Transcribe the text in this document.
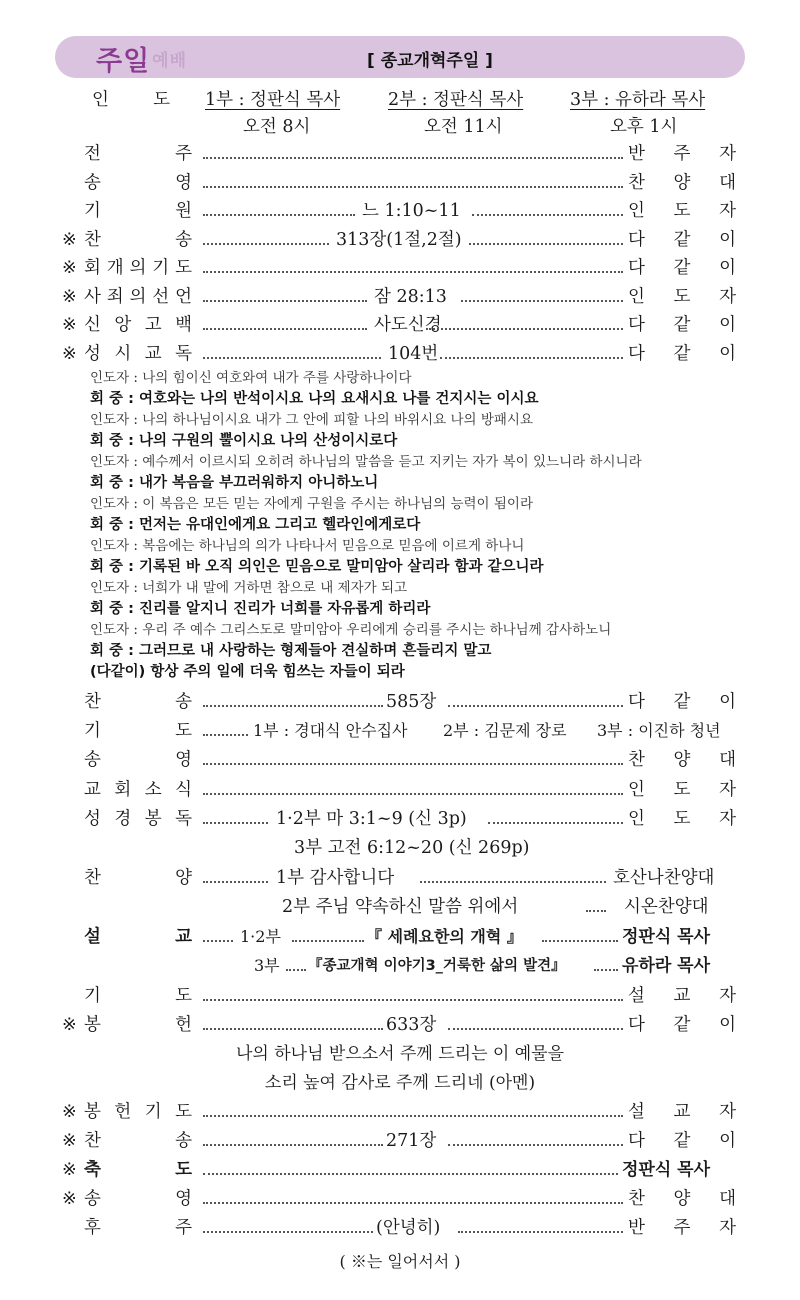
주일 예배	[ 종교개혁주일 ]
인	도 1부 : 정판식 목사	2부 : 정판식 목사	3부 : 유하라 목사
오전 8시	오전 11시	오후 1시
전	주	반 주 자
송	영	찬 양 대
기	원	느 1:10~11	인 도 자
※ 찬	송	313장(1절,2절)	다 같 이
※ 회 개 의 기 도	다 같 이
※ 사 죄 의 선 언	잠 28:13	인 도 자
※ 신 앙 고 백	사도신경	다 같 이
※ 성 시 교 독	104번	다 같 이
인도자 : 나의 힘이신 여호와여 내가 주를 사랑하나이다
회 중 : 여호와는 나의 반석이시요 나의 요새시요 나를 건지시는 이시요
인도자 : 나의 하나님이시요 내가 그 안에 피할 나의 바위시요 나의 방패시요
회 중 : 나의 구원의 뿔이시요 나의 산성이시로다
인도자 : 예수께서 이르시되 오히려 하나님의 말씀을 듣고 지키는 자가 복이 있느니라 하시니라
회 중 : 내가 복음을 부끄러워하지 아니하노니
인도자 : 이 복음은 모든 믿는 자에게 구원을 주시는 하나님의 능력이 됨이라
회 중 : 먼저는 유대인에게요 그리고 헬라인에게로다
인도자 : 복음에는 하나님의 의가 나타나서 믿음으로 믿음에 이르게 하나니
회 중 : 기록된 바 오직 의인은 믿음으로 말미암아 살리라 함과 같으니라
인도자 : 너희가 내 말에 거하면 참으로 내 제자가 되고
회 중 : 진리를 알지니 진리가 너희를 자유롭게 하리라
인도자 : 우리 주 예수 그리스도로 말미암아 우리에게 승리를 주시는 하나님께 감사하노니
회 중 : 그러므로 내 사랑하는 형제들아 견실하며 흔들리지 말고
(다같이) 항상 주의 일에 더욱 힘쓰는 자들이 되라
찬	송	585장	다 같 이
기	도	1부 : 경대식 안수집사 2부 : 김문제 장로 3부 : 이진하 청년
송	영	찬 양 대
교 회 소 식	인 도 자
성 경 봉 독	1·2부 마 3:1~9 (신 3p)	인 도 자
3부 고전 6:12~20 (신 269p)
찬	양	1부 감사합니다	호산나찬양대
2부 주님 약속하신 말씀 위에서	시온찬양대
설	교	1·2부	『 세례요한의 개혁 』	정판식 목사
3부 『종교개혁 이야기3_거룩한 삶의 발견』	유하라 목사
기	도	설 교 자
※ 봉	헌	633장	다 같 이
나의 하나님 받으소서 주께 드리는 이 예물을
소리 높여 감사로 주께 드리네 (아멘)
※ 봉 헌 기 도	설 교 자
※ 찬	송	271장	다 같 이
※ 축	도	정판식 목사
※ 송	영	찬 양 대
후	주	(안녕히)	반 주 자
( ※는 일어서서 )
